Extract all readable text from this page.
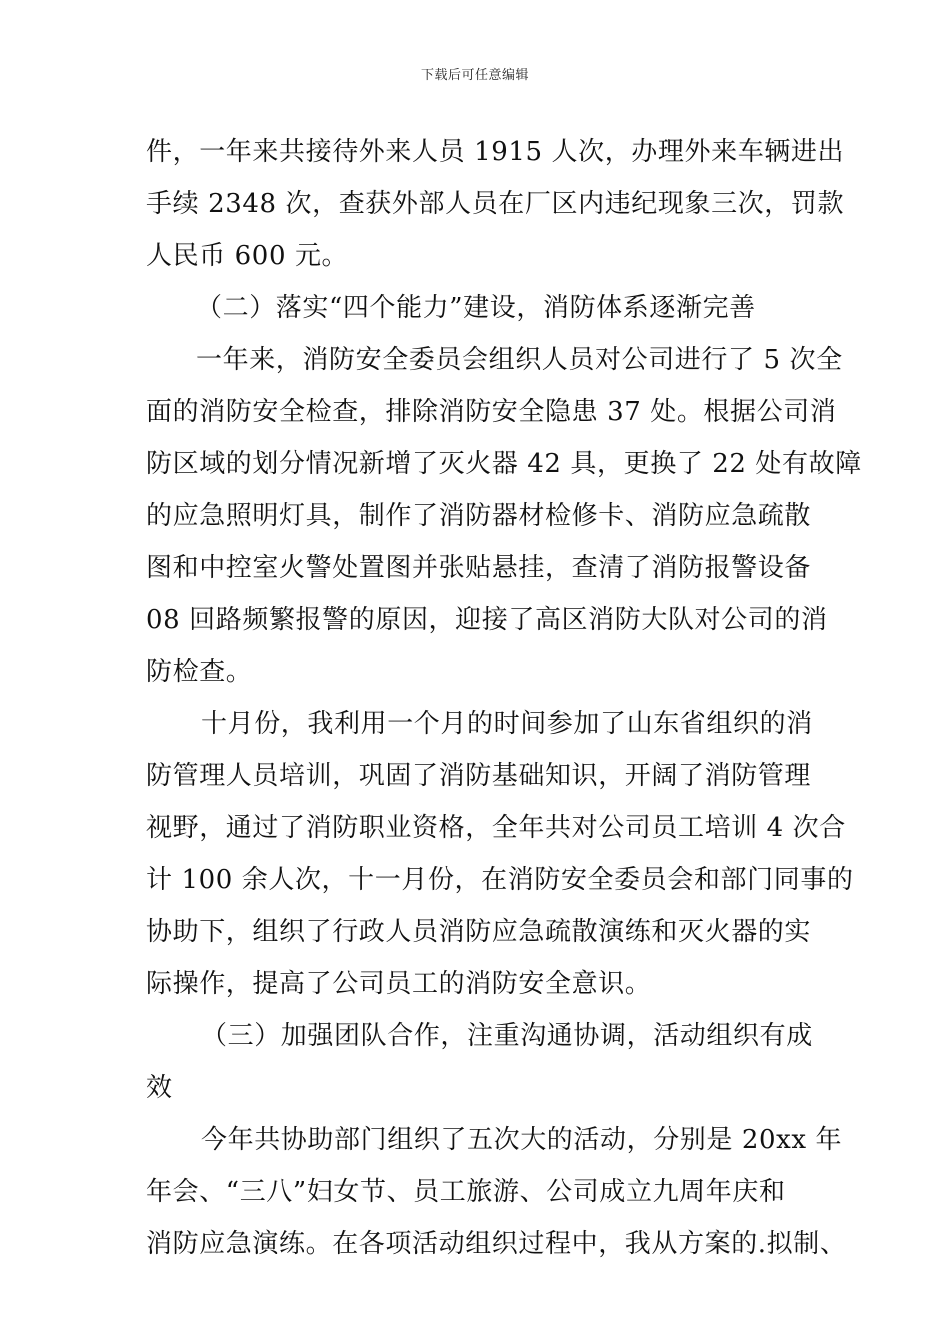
下载后可任意编辑
件，一年来共接待外来人员 1915 人次，办理外来车辆进出
手续 2348 次，查获外部人员在厂区内违纪现象三次，罚款
人民币 600 元。
（二）落实“四个能力”建设，消防体系逐渐完善
一年来，消防安全委员会组织人员对公司进行了 5 次全
面的消防安全检查，排除消防安全隐患 37 处。根据公司消
防区域的划分情况新增了灭火器 42 具，更换了 22 处有故障
的应急照明灯具，制作了消防器材检修卡、消防应急疏散
图和中控室火警处置图并张贴悬挂，查清了消防报警设备
08 回路频繁报警的原因，迎接了高区消防大队对公司的消
防检查。
十月份，我利用一个月的时间参加了山东省组织的消
防管理人员培训，巩固了消防基础知识，开阔了消防管理
视野，通过了消防职业资格，全年共对公司员工培训 4 次合
计 100 余人次，十一月份，在消防安全委员会和部门同事的
协助下，组织了行政人员消防应急疏散演练和灭火器的实
际操作，提高了公司员工的消防安全意识。
（三）加强团队合作，注重沟通协调，活动组织有成
效
今年共协助部门组织了五次大的活动，分别是 20xx 年
年会、“三八”妇女节、员工旅游、公司成立九周年庆和
消防应急演练。在各项活动组织过程中，我从方案的.拟制、
